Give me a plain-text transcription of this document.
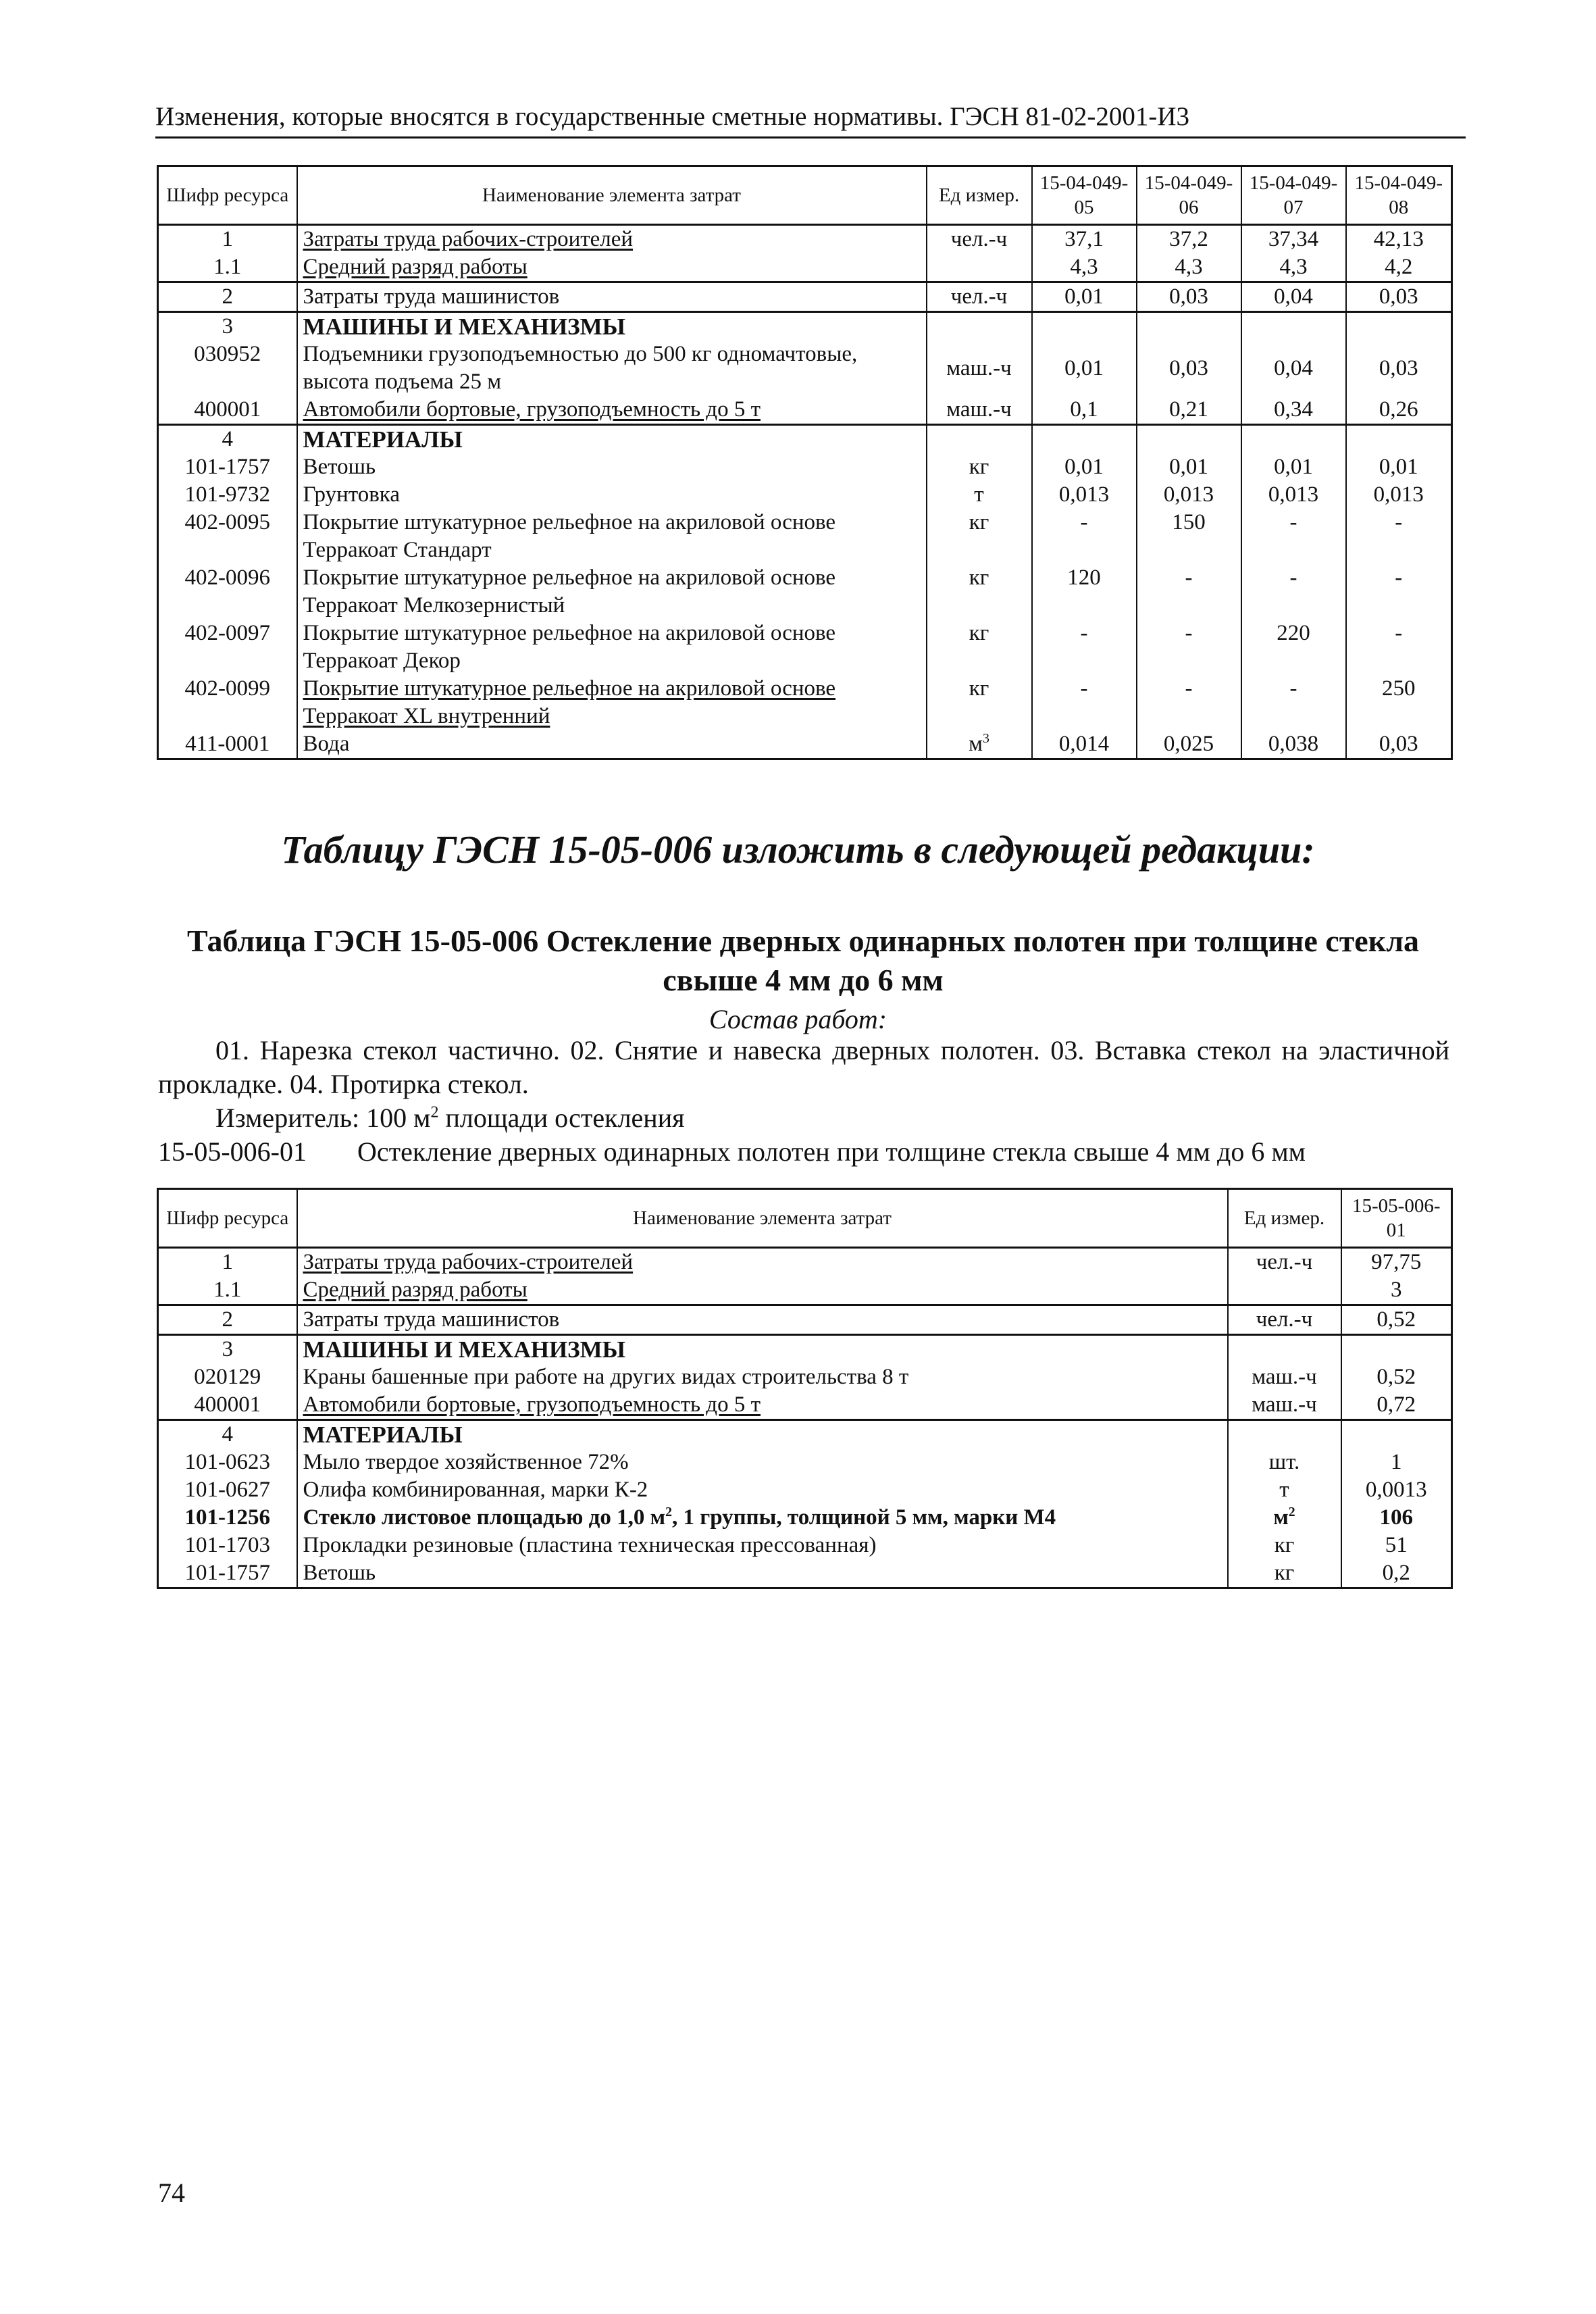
Изменения, которые вносятся в государственные сметные нормативы. ГЭСН 81-02-2001-И3
Шифр ресурса	Наименование элемента затрат	Ед измер.	15-04-049-05	15-04-049-06	15-04-049-07	15-04-049-08
1	Затраты труда рабочих-строителей	чел.-ч	37,1	37,2	37,34	42,13
1.1	Средний разряд работы		4,3	4,3	4,3	4,2
2	Затраты труда машинистов	чел.-ч	0,01	0,03	0,04	0,03
3	МАШИНЫ И МЕХАНИЗМЫ					
030952	Подъемники грузоподъемностью до 500 кг одномачтовые, высота подъема 25 м	маш.-ч	0,01	0,03	0,04	0,03
400001	Автомобили бортовые, грузоподъемность до 5 т	маш.-ч	0,1	0,21	0,34	0,26
4	МАТЕРИАЛЫ					
101-1757	Ветошь	кг	0,01	0,01	0,01	0,01
101-9732	Грунтовка	т	0,013	0,013	0,013	0,013
402-0095	Покрытие штукатурное рельефное на акриловой основе Терракоат Стандарт	кг	-	150	-	-
402-0096	Покрытие штукатурное рельефное на акриловой основе Терракоат Мелкозернистый	кг	120	-	-	-
402-0097	Покрытие штукатурное рельефное на акриловой основе Терракоат Декор	кг	-	-	220	-
402-0099	Покрытие штукатурное рельефное на акриловой основе Терракоат XL внутренний	кг	-	-	-	250
411-0001	Вода	$м^3$	0,014	0,025	0,038	0,03
Таблицу ГЭСН 15-05-006 изложить в следующей редакции:
Таблица ГЭСН 15-05-006 Остекление дверных одинарных полотен при толщине стекла свыше 4 мм до 6 мм
Состав работ:
01. Нарезка стекол частично. 02. Снятие и навеска дверных полотен. 03. Вставка стекол на эластичной прокладке. 04. Протирка стекол.
Измеритель: 100 $м^2$ площади остекления
15-05-006-01 Остекление дверных одинарных полотен при толщине стекла свыше 4 мм до 6 мм
Шифр ресурса	Наименование элемента затрат	Ед измер.	15-05-006-01
1	Затраты труда рабочих-строителей	чел.-ч	97,75
1.1	Средний разряд работы		3
2	Затраты труда машинистов	чел.-ч	0,52
3	МАШИНЫ И МЕХАНИЗМЫ		
020129	Краны башенные при работе на других видах строительства 8 т	маш.-ч	0,52
400001	Автомобили бортовые, грузоподъемность до 5 т	маш.-ч	0,72
4	МАТЕРИАЛЫ		
101-0623	Мыло твердое хозяйственное 72%	шт.	1
101-0627	Олифа комбинированная, марки К-2	т	0,0013
101-1256	Стекло листовое площадью до 1,0 $м^2$, 1 группы, толщиной 5 мм, марки М4	$м^2$	106
101-1703	Прокладки резиновые (пластина техническая прессованная)	кг	51
101-1757	Ветошь	кг	0,2
74
